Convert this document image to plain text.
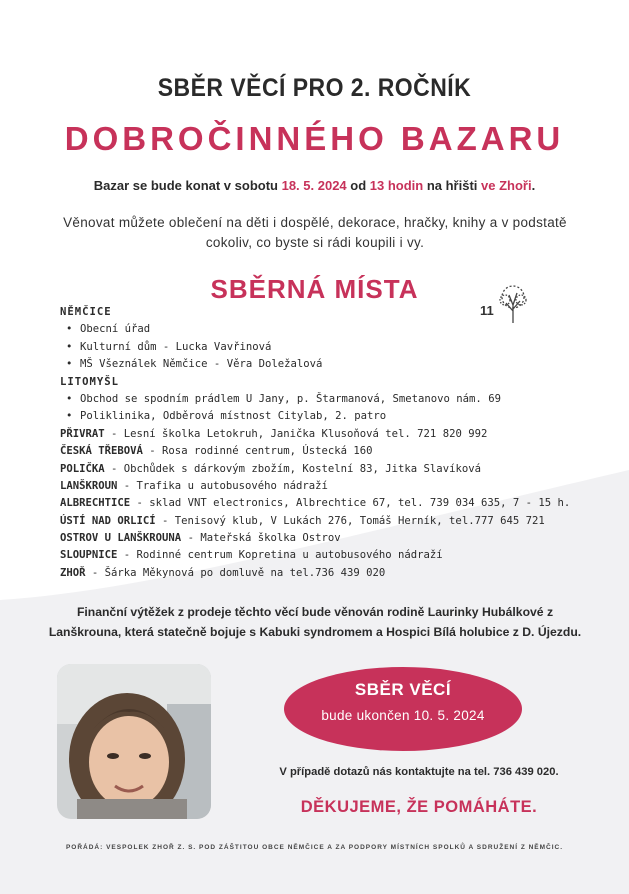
SBĚR VĚCÍ PRO 2. ROČNÍK
DOBROČINNÉHO BAZARU
Bazar se bude konat v sobotu 18. 5. 2024 od 13 hodin na hřišti ve Zhoři.
Věnovat můžete oblečení na děti i dospělé, dekorace, hračky, knihy a v podstatě cokoliv, co byste si rádi koupili i vy.
SBĚRNÁ MÍSTA
11
NĚMČICE
• Obecní úřad
• Kulturní dům - Lucka Vavřinová
• MŠ Všeználek Němčice - Věra Doležalová
LITOMYŠL
• Obchod se spodním prádlem U Jany, p. Štarmanová, Smetanovo nám. 69
• Poliklinika, Odběrová místnost Citylab, 2. patro
PŘIVRAT - Lesní školka Letokruh, Janička Klusoňová tel. 721 820 992
ČESKÁ TŘEBOVÁ - Rosa rodinné centrum, Ústecká 160
POLIČKA - Obchůdek s dárkovým zbožím, Kostelní 83, Jitka Slavíková
LANŠKROUN - Trafika u autobusového nádraží
ALBRECHTICE - sklad VNT electronics, Albrechtice 67, tel. 739 034 635, 7 - 15 h.
ÚSTÍ NAD ORLICÍ - Tenisový klub, V Lukách 276, Tomáš Herník, tel.777 645 721
OSTROV U LANŠKROUNA - Mateřská školka Ostrov
SLOUPNICE - Rodinné centrum Kopretina u autobusového nádraží
ZHOŘ - Šárka Měkynová po domluvě na tel.736 439 020
Finanční výtěžek z prodeje těchto věcí bude věnován rodině Laurinky Hubálkové z
Lanškrouna, která statečně bojuje s Kabuki syndromem a Hospici Bílá holubice z D. Újezdu.
SBĚR VĚCÍ
bude ukončen 10. 5. 2024
V případě dotazů nás kontaktujte na tel. 736 439 020.
DĚKUJEME, ŽE POMÁHÁTE.
POŘÁDÁ: VESPOLEK ZHOŘ Z. S. POD ZÁŠTITOU OBCE NĚMČICE A ZA PODPORY MÍSTNÍCH SPOLKŮ A SDRUŽENÍ Z NĚMČIC.
